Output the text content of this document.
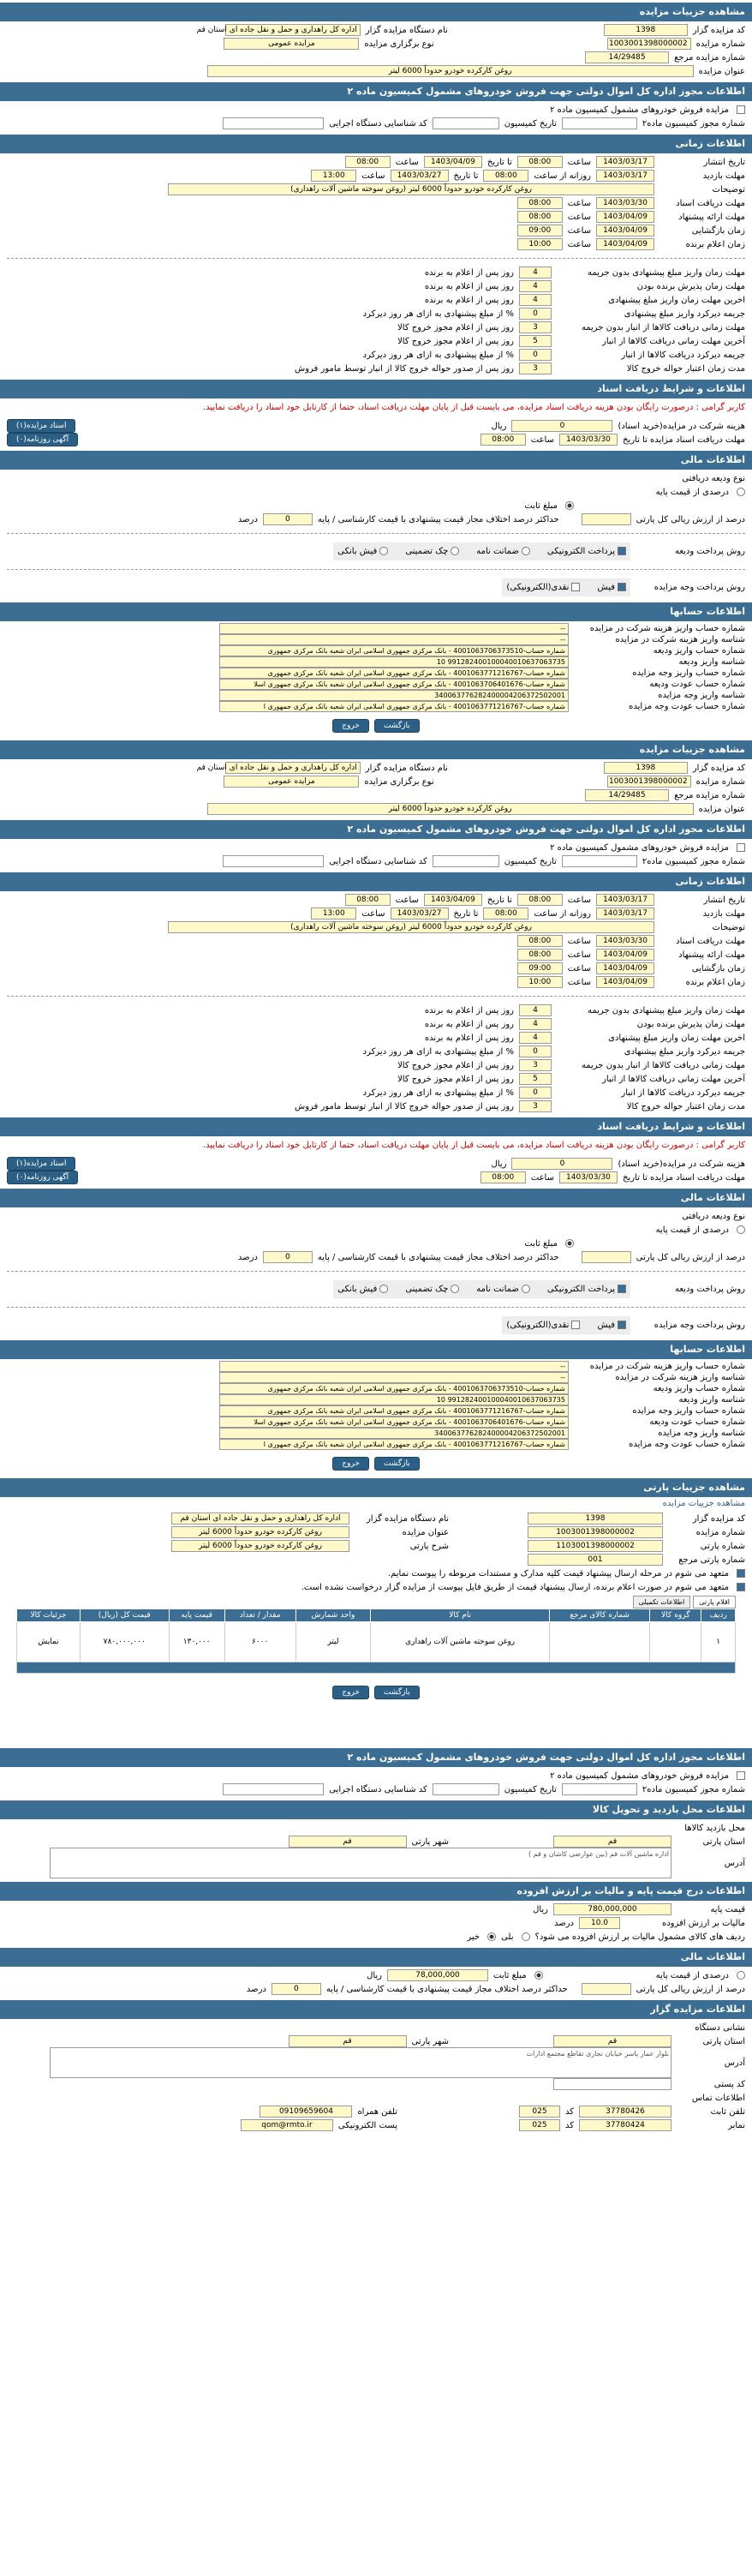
مشاهده جزییات مزایده
کد مزایده گزار
1398
نام دستگاه مزایده گزار
اداره کل راهداری و حمل و نقل جاده ای استان قم
شماره مزایده
1003001398000002
نوع برگزاری مزایده
مزایده عمومی
شماره مزایده مرجع
14/29485
عنوان مزایده
روغن کارکرده خودرو حدوداً 6000 لیتر
اطلاعات مجوز اداره کل اموال دولتی جهت فروش خودروهای مشمول کمیسیون ماده ۲
مزایده فروش خودروهای مشمول کمیسیون ماده ۲
شماره مجوز کمیسیون ماده۲
تاریخ کمیسیون
کد شناسایی دستگاه اجرایی
اطلاعات زمانی
تاریخ انتشار
1403/03/17
ساعت
08:00
تا تاریخ
1403/04/09
ساعت
08:00
مهلت بازدید
1403/03/17
روزانه از ساعت
08:00
تا تاریخ
1403/03/27
ساعت
13:00
توضیحات
روغن کارکرده خودرو حدوداً 6000 لیتر (روغن سوخته ماشین آلات راهداری)
مهلت دریافت اسناد
1403/03/30
ساعت
08:00
مهلت ارائه پیشنهاد
1403/04/09
ساعت
08:00
زمان بازگشایی
1403/04/09
ساعت
09:00
زمان اعلام برنده
1403/04/09
ساعت
10:00
مهلت زمان واریز مبلغ پیشنهادی بدون جریمه
4
روز پس از اعلام به برنده
مهلت زمان پذیرش برنده بودن
4
روز پس از اعلام به برنده
اخرین مهلت زمان واریز مبلغ پیشنهادی
4
روز پس از اعلام به برنده
جریمه دیرکرد واریز مبلغ پیشنهادی
0
% از مبلغ پیشنهادی به ازای هر روز دیرکرد
مهلت زمانی دریافت کالاها از انبار بدون جریمه
3
روز پس از اعلام مجوز خروج کالا
آخرین مهلت زمانی دریافت کالاها از انبار
5
روز پس از اعلام مجوز خروج کالا
جریمه دیرکرد دریافت کالاها از انبار
0
% از مبلغ پیشنهادی به ازای هر روز دیرکرد
مدت زمان اعتبار حواله خروج کالا
3
روز پس از صدور حواله خروج کالا از انبار توسط مامور فروش
اطلاعات و شرایط دریافت اسناد
کاربر گرامی : درصورت رایگان بودن هزینه دریافت اسناد مزایده، می بایست قبل از پایان مهلت دریافت اسناد، حتما از کارتابل خود اسناد را دریافت نمایید.
هزینه شرکت در مزایده(خرید اسناد)
0
ریال
اسناد مزایده(۱)
مهلت دریافت اسناد مزایده تا تاریخ
1403/03/30
ساعت
08:00
آگهی روزنامه(۰)
اطلاعات مالی
نوع ودیعه دریافتی
درصدی از قیمت پایه
مبلغ ثابت
درصد از ارزش ریالی کل پارتی
حداکثر درصد اختلاف مجاز قیمت پیشنهادی با قیمت کارشناسی / پایه
0
درصد
روش پرداخت ودیعه
پرداخت الکترونیکی
ضمانت نامه
چک تضمینی
فیش بانکی
روش پرداخت وجه مزایده
فیش
نقدی(الکترونیکی)
اطلاعات حسابها
شماره حساب واریز هزینه شرکت در مزایده
--
شناسه واریز هزینه شرکت در مزایده
--
شماره حساب واریز ودیعه
شماره حساب-4001063706373510 - بانک مرکزی جمهوری اسلامی ایران شعبه بانک مرکزی جمهوری
شناسه واریز ودیعه
991282400100040010637063735 10
شماره حساب واریز وجه مزایده
شماره حساب-4001063771216767 - بانک مرکزی جمهوری اسلامی ایران شعبه بانک مرکزی جمهوری
شماره حساب عودت ودیعه
شماره حساب-4001063706401676 - بانک مرکزی جمهوری اسلامی ایران شعبه بانک مرکزی جمهوری اسلا
شناسه واریز وجه مزایده
340063776282400004206372502001
شماره حساب عودت وجه مزایده
شماره حساب-4001063771216767 - بانک مرکزی جمهوری اسلامی ایران شعبه بانک مرکزی جمهوری ا
بازگشت
خروج
مشاهده جزییات مزایده
کد مزایده گزار
1398
نام دستگاه مزایده گزار
اداره کل راهداری و حمل و نقل جاده ای استان قم
شماره مزایده
1003001398000002
نوع برگزاری مزایده
مزایده عمومی
شماره مزایده مرجع
14/29485
عنوان مزایده
روغن کارکرده خودرو حدوداً 6000 لیتر
اطلاعات مجوز اداره کل اموال دولتی جهت فروش خودروهای مشمول کمیسیون ماده ۲
مزایده فروش خودروهای مشمول کمیسیون ماده ۲
شماره مجوز کمیسیون ماده۲
تاریخ کمیسیون
کد شناسایی دستگاه اجرایی
اطلاعات زمانی
تاریخ انتشار
1403/03/17
ساعت
08:00
تا تاریخ
1403/04/09
ساعت
08:00
مهلت بازدید
1403/03/17
روزانه از ساعت
08:00
تا تاریخ
1403/03/27
ساعت
13:00
توضیحات
روغن کارکرده خودرو حدوداً 6000 لیتر (روغن سوخته ماشین آلات راهداری)
مهلت دریافت اسناد
1403/03/30
ساعت
08:00
مهلت ارائه پیشنهاد
1403/04/09
ساعت
08:00
زمان بازگشایی
1403/04/09
ساعت
09:00
زمان اعلام برنده
1403/04/09
ساعت
10:00
مهلت زمان واریز مبلغ پیشنهادی بدون جریمه
4
روز پس از اعلام به برنده
مهلت زمان پذیرش برنده بودن
4
روز پس از اعلام به برنده
اخرین مهلت زمان واریز مبلغ پیشنهادی
4
روز پس از اعلام به برنده
جریمه دیرکرد واریز مبلغ پیشنهادی
0
% از مبلغ پیشنهادی به ازای هر روز دیرکرد
مهلت زمانی دریافت کالاها از انبار بدون جریمه
3
روز پس از اعلام مجوز خروج کالا
آخرین مهلت زمانی دریافت کالاها از انبار
5
روز پس از اعلام مجوز خروج کالا
جریمه دیرکرد دریافت کالاها از انبار
0
% از مبلغ پیشنهادی به ازای هر روز دیرکرد
مدت زمان اعتبار حواله خروج کالا
3
روز پس از صدور حواله خروج کالا از انبار توسط مامور فروش
اطلاعات و شرایط دریافت اسناد
کاربر گرامی : درصورت رایگان بودن هزینه دریافت اسناد مزایده، می بایست قبل از پایان مهلت دریافت اسناد، حتما از کارتابل خود اسناد را دریافت نمایید.
هزینه شرکت در مزایده(خرید اسناد)
0
ریال
اسناد مزایده(۱)
مهلت دریافت اسناد مزایده تا تاریخ
1403/03/30
ساعت
08:00
آگهی روزنامه(۰)
اطلاعات مالی
نوع ودیعه دریافتی
درصدی از قیمت پایه
مبلغ ثابت
درصد از ارزش ریالی کل پارتی
حداکثر درصد اختلاف مجاز قیمت پیشنهادی با قیمت کارشناسی / پایه
0
درصد
روش پرداخت ودیعه
پرداخت الکترونیکی
ضمانت نامه
چک تضمینی
فیش بانکی
روش پرداخت وجه مزایده
فیش
نقدی(الکترونیکی)
اطلاعات حسابها
شماره حساب واریز هزینه شرکت در مزایده
--
شناسه واریز هزینه شرکت در مزایده
--
شماره حساب واریز ودیعه
شماره حساب-4001063706373510 - بانک مرکزی جمهوری اسلامی ایران شعبه بانک مرکزی جمهوری
شناسه واریز ودیعه
991282400100040010637063735 10
شماره حساب واریز وجه مزایده
شماره حساب-4001063771216767 - بانک مرکزی جمهوری اسلامی ایران شعبه بانک مرکزی جمهوری
شماره حساب عودت ودیعه
شماره حساب-4001063706401676 - بانک مرکزی جمهوری اسلامی ایران شعبه بانک مرکزی جمهوری اسلا
شناسه واریز وجه مزایده
340063776282400004206372502001
شماره حساب عودت وجه مزایده
شماره حساب-4001063771216767 - بانک مرکزی جمهوری اسلامی ایران شعبه بانک مرکزی جمهوری ا
بازگشت
خروج
مشاهده جزییات پارتی
مشاهده جزییات مزایده
کد مزایده گزار
1398
نام دستگاه مزایده گزار
اداره کل راهداری و حمل و نقل جاده ای استان قم
شماره مزایده
1003001398000002
عنوان مزایده
روغن کارکرده خودرو حدوداً 6000 لیتر
شماره پارتی
1103001398000002
شرح پارتی
روغن کارکرده خودرو حدوداً 6000 لیتر
شماره پارتی مرجع
001
متعهد می شوم در مرحله ارسال پیشنهاد قیمت کلیه مدارک و مستندات مربوطه را پیوست نمایم.
متعهد می شوم در صورت اعلام برنده، ارسال پیشنهاد قیمت از طریق فایل پیوست از مزایده گزار درخواست نشده است.
اقلام پارتی
اطلاعات تکمیلی
ردیف	گروه کالا	شماره کالای مرجع	نام کالا	واحد شمارش	مقدار / تعداد	قیمت پایه	قیمت کل (ریال)	جزئیات کالا
۱			روغن سوخته ماشین آلات راهداری	لیتر	۶۰۰۰	۱۳۰,۰۰۰	۷۸۰,۰۰۰,۰۰۰	نمایش

بازگشت
خروج
اطلاعات مجوز اداره کل اموال دولتی جهت فروش خودروهای مشمول کمیسیون ماده ۲
مزایده فروش خودروهای مشمول کمیسیون ماده ۲
شماره مجوز کمیسیون ماده۲
تاریخ کمیسیون
کد شناسایی دستگاه اجرایی
اطلاعات محل بازدید و تحویل کالا
محل بازدید کالاها
استان پارتی
قم
شهر پارتی
قم
آدرس
اداره ماشین آلات قم (بین عوارضی کاشان و قم )
اطلاعات درج قیمت پایه و مالیات بر ارزش افزوده
قیمت پایه
780,000,000
ریال
مالیات بر ارزش افزوده
10.0
درصد
ردیف های کالای مشمول مالیات بر ارزش افزوده می شود؟
بلی
خیر
اطلاعات مالی
درصدی از قیمت پایه
مبلغ ثابت
78,000,000
ریال
درصد از ارزش ریالی کل پارتی
حداکثر درصد اختلاف مجاز قیمت پیشنهادی با قیمت کارشناسی / پایه
0
درصد
اطلاعات مزایده گزار
نشانی دستگاه
استان پارتی
قم
شهر پارتی
قم
آدرس
بلوار عمار یاسر خیابان نجاری تقاطع مجتمع ادارات
کد پستی
اطلاعات تماس
تلفن ثابت
37780426
کد
025
تلفن همراه
09109659604
نمابر
37780424
کد
025
پست الکترونیکی
qom@rmto.ir
